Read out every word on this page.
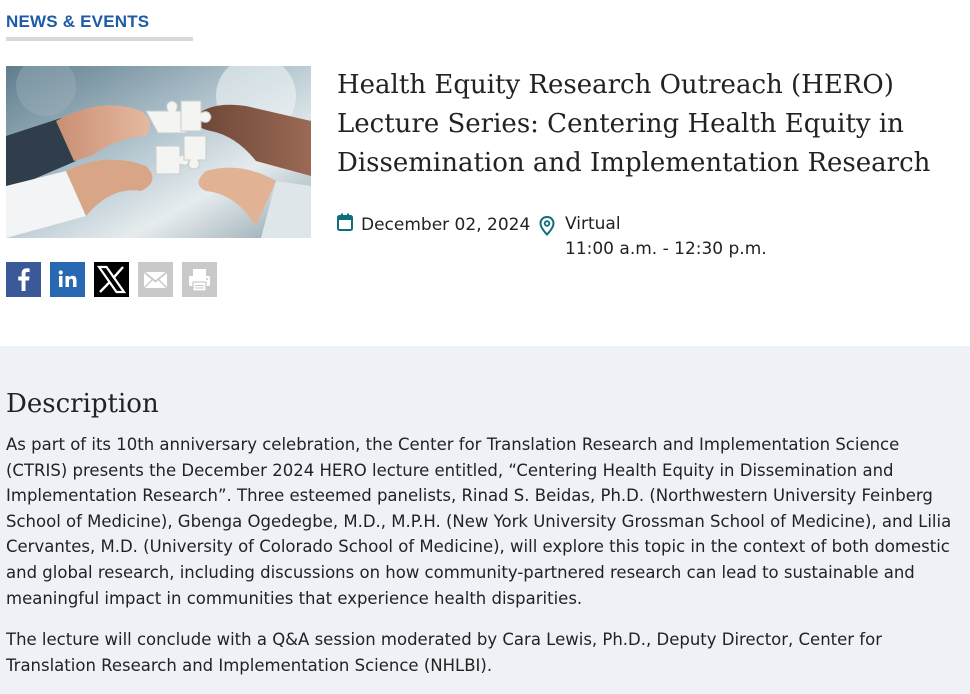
NEWS & EVENTS
Health Equity Research Outreach (HERO) Lecture Series: Centering Health Equity in Dissemination and Implementation Research
December 02, 2024 Virtual
11:00 a.m. - 12:30 p.m.
Description

As part of its 10th anniversary celebration, the Center for Translation Research and Implementation Science (CTRIS) presents the December 2024 HERO lecture entitled, “Centering Health Equity in Dissemination and Implementation Research”. Three esteemed panelists, Rinad S. Beidas, Ph.D. (Northwestern University Feinberg School of Medicine), Gbenga Ogedegbe, M.D., M.P.H. (New York University Grossman School of Medicine), and Lilia Cervantes, M.D. (University of Colorado School of Medicine), will explore this topic in the context of both domestic and global research, including discussions on how community-partnered research can lead to sustainable and meaningful impact in communities that experience health disparities.

The lecture will conclude with a Q&A session moderated by Cara Lewis, Ph.D., Deputy Director, Center for Translation Research and Implementation Science (NHLBI).
